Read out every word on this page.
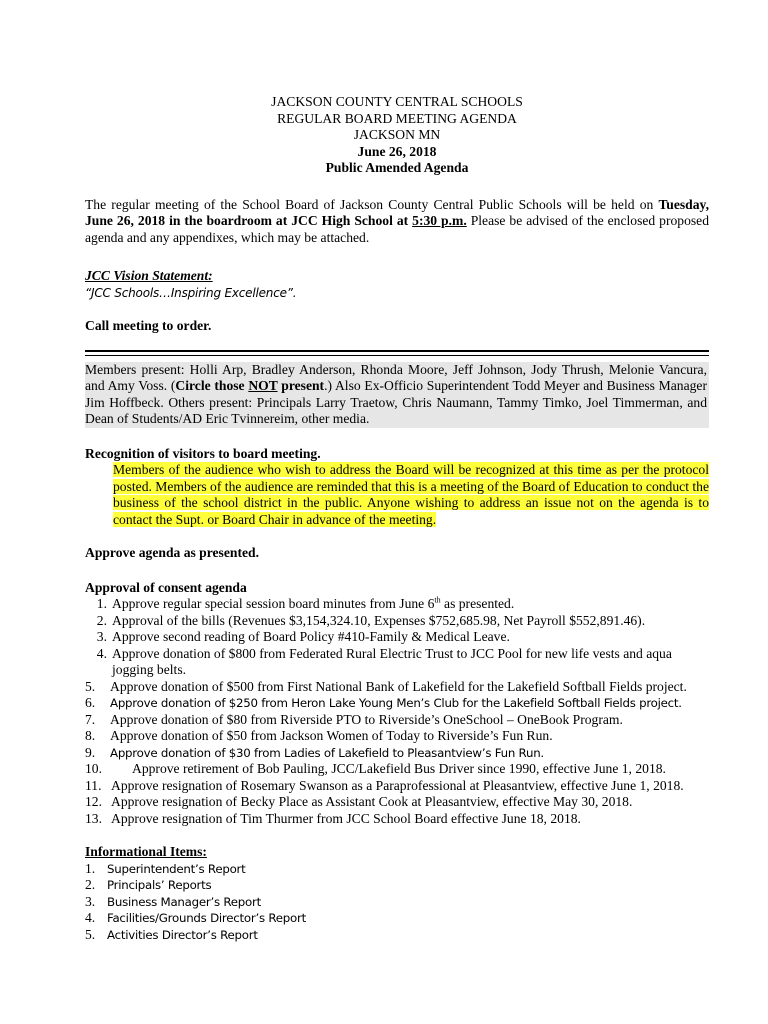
JACKSON COUNTY CENTRAL SCHOOLS
REGULAR BOARD MEETING AGENDA
JACKSON MN
June 26, 2018
Public Amended Agenda
The regular meeting of the School Board of Jackson County Central Public Schools will be held on Tuesday, June 26, 2018 in the boardroom at JCC High School at 5:30 p.m. Please be advised of the enclosed proposed agenda and any appendixes, which may be attached.
JCC Vision Statement:
“JCC Schools…Inspiring Excellence”.
Call meeting to order.
Members present: Holli Arp, Bradley Anderson, Rhonda Moore, Jeff Johnson, Jody Thrush, Melonie Vancura, and Amy Voss. (Circle those NOT present.) Also Ex-Officio Superintendent Todd Meyer and Business Manager Jim Hoffbeck. Others present: Principals Larry Traetow, Chris Naumann, Tammy Timko, Joel Timmerman, and Dean of Students/AD Eric Tvinnereim, other media.
Recognition of visitors to board meeting.
Members of the audience who wish to address the Board will be recognized at this time as per the protocol posted. Members of the audience are reminded that this is a meeting of the Board of Education to conduct the business of the school district in the public. Anyone wishing to address an issue not on the agenda is to contact the Supt. or Board Chair in advance of the meeting.
Approve agenda as presented.
Approval of consent agenda
1. Approve regular special session board minutes from June 6th as presented.
2. Approval of the bills (Revenues $3,154,324.10, Expenses $752,685.98, Net Payroll $552,891.46).
3. Approve second reading of Board Policy #410-Family & Medical Leave.
4. Approve donation of $800 from Federated Rural Electric Trust to JCC Pool for new life vests and aqua jogging belts.
5.	Approve donation of $500 from First National Bank of Lakefield for the Lakefield Softball Fields project.
6.	Approve donation of $250 from Heron Lake Young Men’s Club for the Lakefield Softball Fields project.
7.	Approve donation of $80 from Riverside PTO to Riverside’s OneSchool – OneBook Program.
8.	Approve donation of $50 from Jackson Women of Today to Riverside’s Fun Run.
9.	Approve donation of $30 from Ladies of Lakefield to Pleasantview’s Fun Run.
10.	Approve retirement of Bob Pauling, JCC/Lakefield Bus Driver since 1990, effective June 1, 2018.
11. Approve resignation of Rosemary Swanson as a Paraprofessional at Pleasantview, effective June 1, 2018.
12. Approve resignation of Becky Place as Assistant Cook at Pleasantview, effective May 30, 2018.
13. Approve resignation of Tim Thurmer from JCC School Board effective June 18, 2018.
Informational Items:
1. Superintendent’s Report
2. Principals’ Reports
3. Business Manager’s Report
4. Facilities/Grounds Director’s Report
5. Activities Director’s Report
